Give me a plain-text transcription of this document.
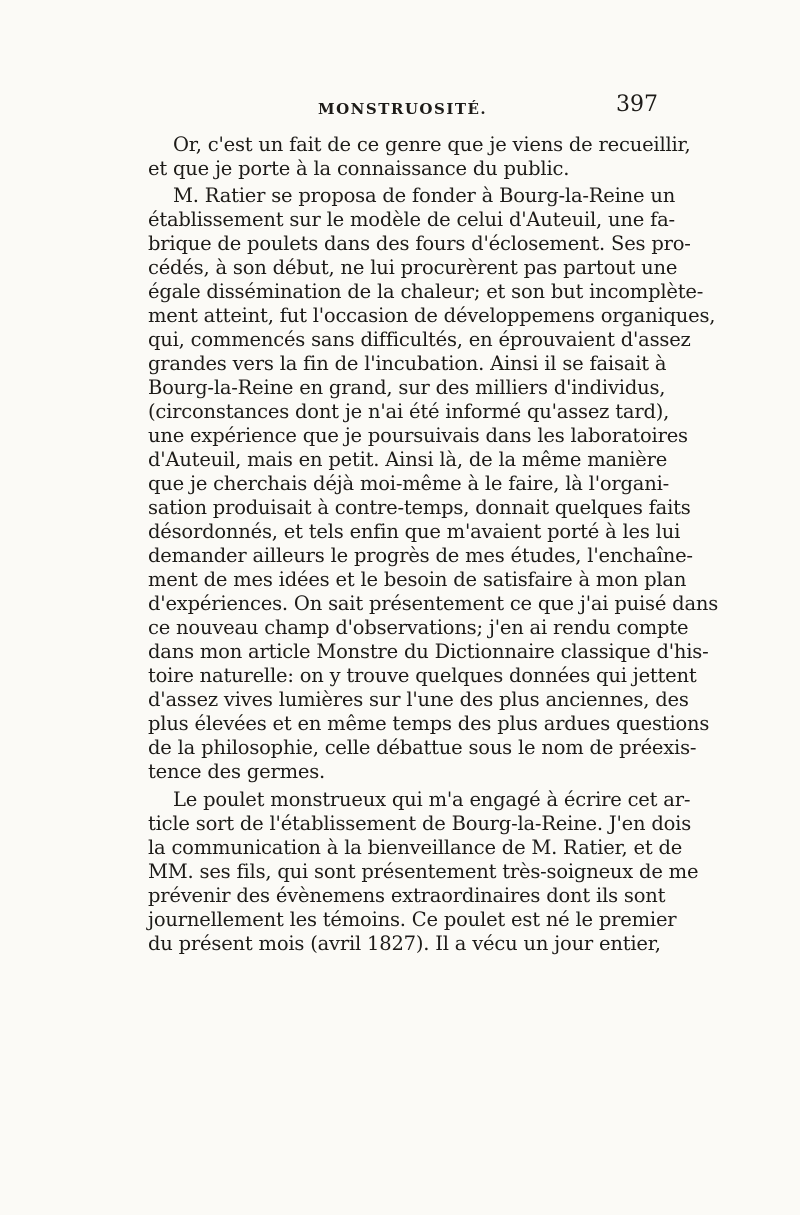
MONSTRUOSITÉ.	397
Or, c'est un fait de ce genre que je viens de recueillir,
et que je porte à la connaissance du public.
M. Ratier se proposa de fonder à Bourg-la-Reine un
établissement sur le modèle de celui d'Auteuil, une fa-
brique de poulets dans des fours d'éclosement. Ses pro-
cédés, à son début, ne lui procurèrent pas partout une
égale dissémination de la chaleur; et son but incomplète-
ment atteint, fut l'occasion de développemens organiques,
qui, commencés sans difficultés, en éprouvaient d'assez
grandes vers la fin de l'incubation. Ainsi il se faisait à
Bourg-la-Reine en grand, sur des milliers d'individus,
(circonstances dont je n'ai été informé qu'assez tard),
une expérience que je poursuivais dans les laboratoires
d'Auteuil, mais en petit. Ainsi là, de la même manière
que je cherchais déjà moi-même à le faire, là l'organi-
sation produisait à contre-temps, donnait quelques faits
désordonnés, et tels enfin que m'avaient porté à les lui
demander ailleurs le progrès de mes études, l'enchaîne-
ment de mes idées et le besoin de satisfaire à mon plan
d'expériences. On sait présentement ce que j'ai puisé dans
ce nouveau champ d'observations; j'en ai rendu compte
dans mon article Monstre du Dictionnaire classique d'his-
toire naturelle: on y trouve quelques données qui jettent
d'assez vives lumières sur l'une des plus anciennes, des
plus élevées et en même temps des plus ardues questions
de la philosophie, celle débattue sous le nom de préexis-
tence des germes.
Le poulet monstrueux qui m'a engagé à écrire cet ar-
ticle sort de l'établissement de Bourg-la-Reine. J'en dois
la communication à la bienveillance de M. Ratier, et de
MM. ses fils, qui sont présentement très-soigneux de me
prévenir des évènemens extraordinaires dont ils sont
journellement les témoins. Ce poulet est né le premier
du présent mois (avril 1827). Il a vécu un jour entier,
